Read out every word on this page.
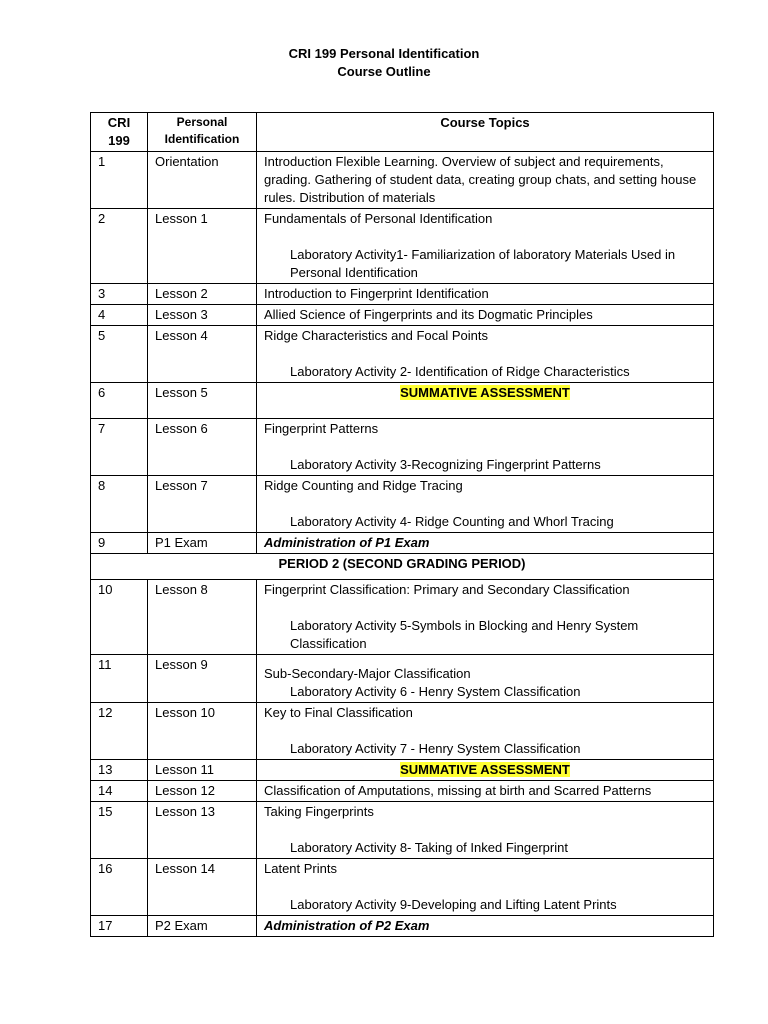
CRI 199 Personal Identification
Course Outline
CRI 199	Personal Identification	Course Topics
1	Orientation	Introduction Flexible Learning. Overview of subject and requirements, grading. Gathering of student data, creating group chats, and setting house rules. Distribution of materials
2	Lesson 1	Fundamentals of Personal Identification
Laboratory Activity1- Familiarization of laboratory Materials Used in Personal Identification

3	Lesson 2	Introduction to Fingerprint Identification
4	Lesson 3	Allied Science of Fingerprints and its Dogmatic Principles
5	Lesson 4	Ridge Characteristics and Focal Points
Laboratory Activity 2- Identification of Ridge Characteristics

6	Lesson 5	SUMMATIVE ASSESSMENT
7	Lesson 6	Fingerprint Patterns
Laboratory Activity 3-Recognizing Fingerprint Patterns

8	Lesson 7	Ridge Counting and Ridge Tracing
Laboratory Activity 4- Ridge Counting and Whorl Tracing

9	P1 Exam	Administration of P1 Exam
PERIOD 2 (SECOND GRADING PERIOD)		
10	Lesson 8	Fingerprint Classification: Primary and Secondary Classification
Laboratory Activity 5-Symbols in Blocking and Henry System Classification

11	Lesson 9	Sub-Secondary-Major Classification
Laboratory Activity 6 - Henry System Classification

12	Lesson 10	Key to Final Classification
Laboratory Activity 7 - Henry System Classification

13	Lesson 11	SUMMATIVE ASSESSMENT
14	Lesson 12	Classification of Amputations, missing at birth and Scarred Patterns
15	Lesson 13	Taking Fingerprints
Laboratory Activity 8- Taking of Inked Fingerprint

16	Lesson 14	Latent Prints
Laboratory Activity 9-Developing and Lifting Latent Prints

17	P2 Exam	Administration of P2 Exam
